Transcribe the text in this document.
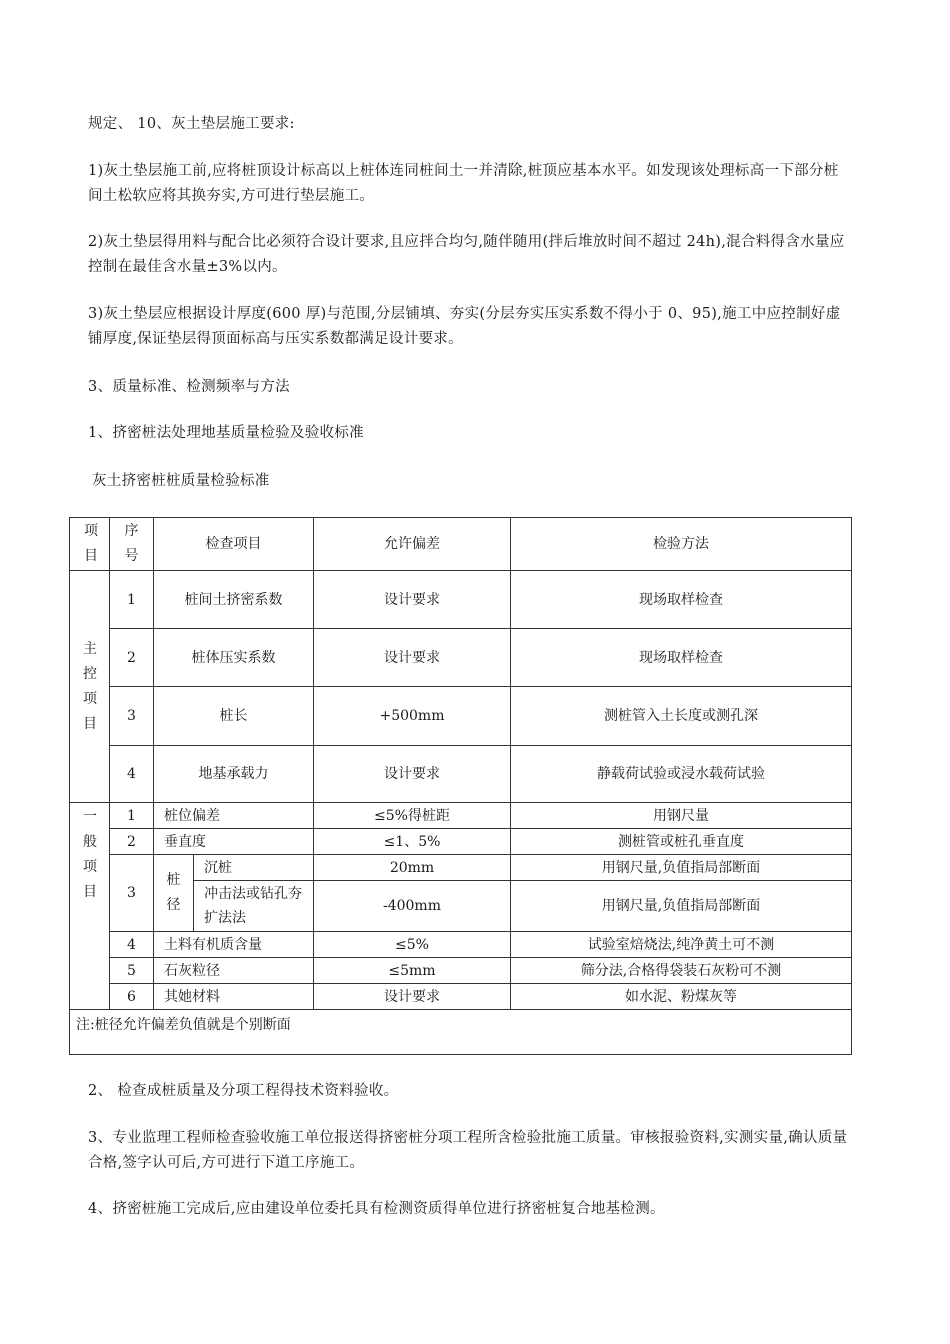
规定、 10、灰土垫层施工要求:

1)灰土垫层施工前,应将桩顶设计标高以上桩体连同桩间土一并清除,桩顶应基本水平。如发现该处理标高一下部分桩间土松软应将其换夯实,方可进行垫层施工。

2)灰土垫层得用料与配合比必须符合设计要求,且应拌合均匀,随伴随用(拌后堆放时间不超过 24h),混合料得含水量应控制在最佳含水量±3%以内。

3)灰土垫层应根据设计厚度(600 厚)与范围,分层铺填、夯实(分层夯实压实系数不得小于 0、95),施工中应控制好虚铺厚度,保证垫层得顶面标高与压实系数都满足设计要求。

3、质量标准、检测频率与方法

1、挤密桩法处理地基质量检验及验收标准

灰土挤密桩桩质量检验标准

项目	序号	检查项目		允许偏差	检验方法
主控项目	1	桩间土挤密系数		设计要求	现场取样检查
	2	桩体压实系数		设计要求	现场取样检查
	3	桩长		+500mm	测桩管入土长度或测孔深
	4	地基承载力		设计要求	静载荷试验或浸水载荷试验
一般项目	1	桩位偏差		≤5%得桩距	用钢尺量
	2	垂直度		≤1、5%	测桩管或桩孔垂直度
	3	桩径	沉桩	20mm	用钢尺量,负值指局部断面
			冲击法或钻孔夯扩法法	-400mm	用钢尺量,负值指局部断面
	4	土料有机质含量		≤5%	试验室焙烧法,纯净黄土可不测
	5	石灰粒径		≤5mm	筛分法,合格得袋装石灰粉可不测
	6	其她材料		设计要求	如水泥、粉煤灰等

注:桩径允许偏差负值就是个别断面					

2、 检查成桩质量及分项工程得技术资料验收。

3、专业监理工程师检查验收施工单位报送得挤密桩分项工程所含检验批施工质量。审核报验资料,实测实量,确认质量合格,签字认可后,方可进行下道工序施工。

4、挤密桩施工完成后,应由建设单位委托具有检测资质得单位进行挤密桩复合地基检测。
